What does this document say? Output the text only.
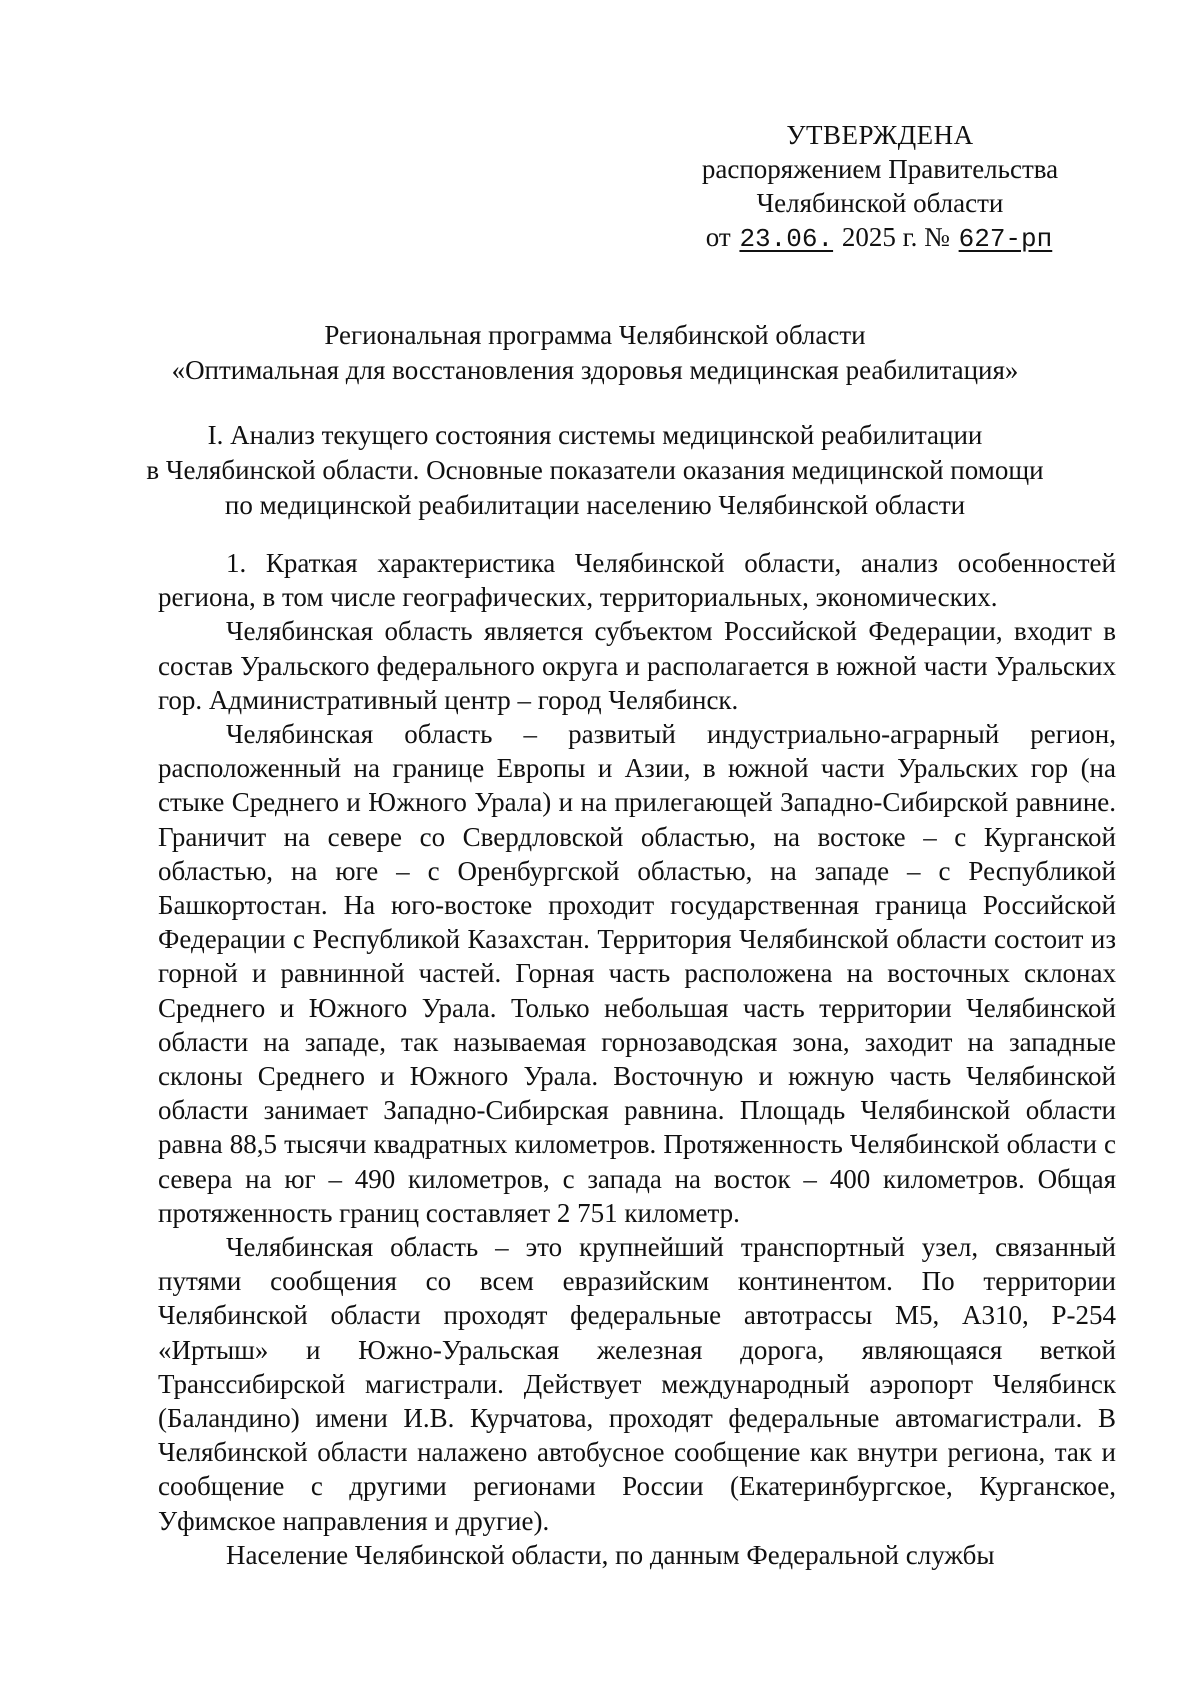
УТВЕРЖДЕНА
распоряжением Правительства
Челябинской области
от 23.06. 2025 г. № 627-рп
Региональная программа Челябинской области
«Оптимальная для восстановления здоровья медицинская реабилитация»
I. Анализ текущего состояния системы медицинской реабилитации
в Челябинской области. Основные показатели оказания медицинской помощи
по медицинской реабилитации населению Челябинской области

1. Краткая характеристика Челябинской области, анализ особенностей региона, в том числе географических, территориальных, экономических.

Челябинская область является субъектом Российской Федерации, входит в состав Уральского федерального округа и располагается в южной части Уральских гор. Административный центр – город Челябинск.

Челябинская область – развитый индустриально-аграрный регион, расположенный на границе Европы и Азии, в южной части Уральских гор (на стыке Среднего и Южного Урала) и на прилегающей Западно-Сибирской равнине. Граничит на севере со Свердловской областью, на востоке – с Курганской областью, на юге – с Оренбургской областью, на западе – с Республикой Башкортостан. На юго-востоке проходит государственная граница Российской Федерации с Республикой Казахстан. Территория Челябинской области состоит из горной и равнинной частей. Горная часть расположена на восточных склонах Среднего и Южного Урала. Только небольшая часть территории Челябинской области на западе, так называемая горнозаводская зона, заходит на западные склоны Среднего и Южного Урала. Восточную и южную часть Челябинской области занимает Западно-Сибирская равнина. Площадь Челябинской области равна 88,5 тысячи квадратных километров. Протяженность Челябинской области с севера на юг – 490 километров, с запада на восток – 400 километров. Общая протяженность границ составляет 2 751 километр.

Челябинская область – это крупнейший транспортный узел, связанный путями сообщения со всем евразийским континентом. По территории Челябинской области проходят федеральные автотрассы М5, А310, Р-254 «Иртыш» и Южно-Уральская железная дорога, являющаяся веткой Транссибирской магистрали. Действует международный аэропорт Челябинск (Баландино) имени И.В. Курчатова, проходят федеральные автомагистрали. В Челябинской области налажено автобусное сообщение как внутри региона, так и сообщение с другими регионами России (Екатеринбургское, Курганское, Уфимское направления и другие).

Население Челябинской области, по данным Федеральной службы
